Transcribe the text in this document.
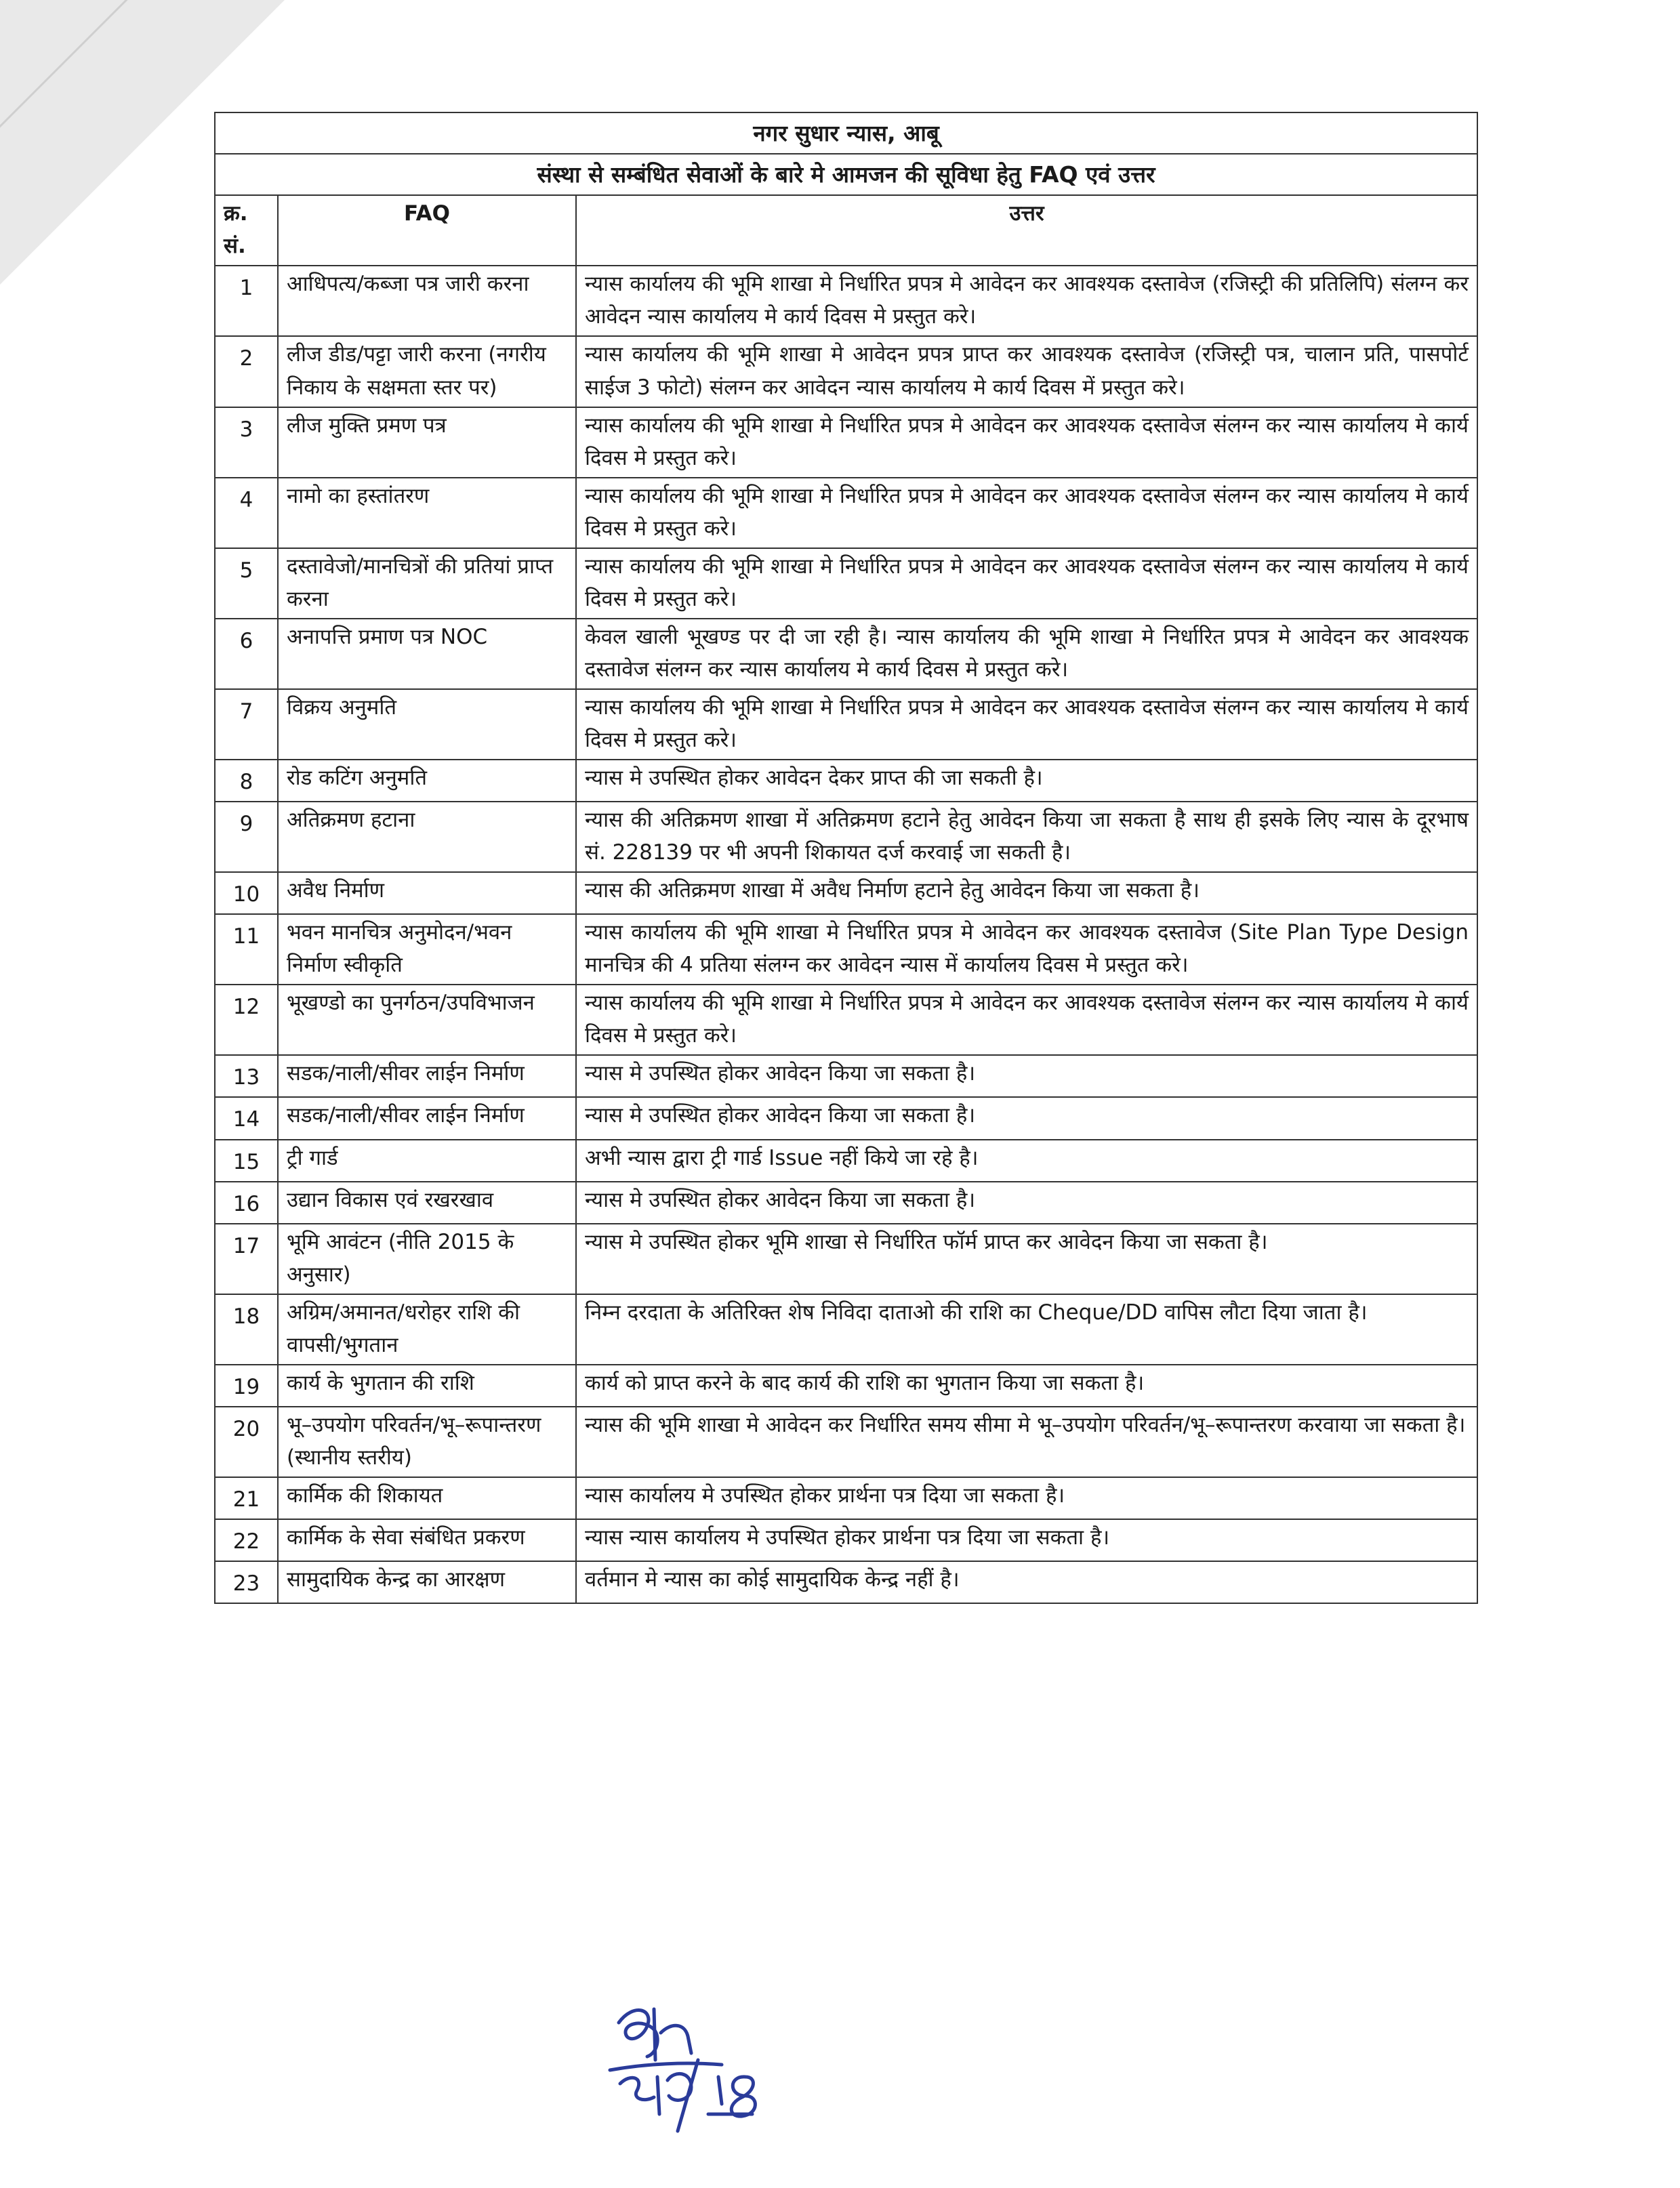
नगर सुधार न्यास, आबू		
संस्था से सम्बंधित सेवाओं के बारे मे आमजन की सूविधा हेतु FAQ एवं उत्तर		
क्र. सं.	FAQ	उत्तर
1	आधिपत्य/कब्जा पत्र जारी करना	न्यास कार्यालय की भूमि शाखा मे निर्धारित प्रपत्र मे आवेदन कर आवश्यक दस्तावेज (रजिस्ट्री की प्रतिलिपि) संलग्न कर आवेदन न्यास कार्यालय मे कार्य दिवस मे प्रस्तुत करे।
2	लीज डीड/पट्टा जारी करना (नगरीय निकाय के सक्षमता स्तर पर)	न्यास कार्यालय की भूमि शाखा मे आवेदन प्रपत्र प्राप्त कर आवश्यक दस्तावेज (रजिस्ट्री पत्र, चालान प्रति, पासपोर्ट साईज 3 फोटो) संलग्न कर आवेदन न्यास कार्यालय मे कार्य दिवस में प्रस्तुत करे।
3	लीज मुक्ति प्रमण पत्र	न्यास कार्यालय की भूमि शाखा मे निर्धारित प्रपत्र मे आवेदन कर आवश्यक दस्तावेज संलग्न कर न्यास कार्यालय मे कार्य दिवस मे प्रस्तुत करे।
4	नामो का हस्तांतरण	न्यास कार्यालय की भूमि शाखा मे निर्धारित प्रपत्र मे आवेदन कर आवश्यक दस्तावेज संलग्न कर न्यास कार्यालय मे कार्य दिवस मे प्रस्तुत करे।
5	दस्तावेजो/मानचित्रों की प्रतियां प्राप्त करना	न्यास कार्यालय की भूमि शाखा मे निर्धारित प्रपत्र मे आवेदन कर आवश्यक दस्तावेज संलग्न कर न्यास कार्यालय मे कार्य दिवस मे प्रस्तुत करे।
6	अनापत्ति प्रमाण पत्र NOC	केवल खाली भूखण्ड पर दी जा रही है। न्यास कार्यालय की भूमि शाखा मे निर्धारित प्रपत्र मे आवेदन कर आवश्यक दस्तावेज संलग्न कर न्यास कार्यालय मे कार्य दिवस मे प्रस्तुत करे।
7	विक्रय अनुमति	न्यास कार्यालय की भूमि शाखा मे निर्धारित प्रपत्र मे आवेदन कर आवश्यक दस्तावेज संलग्न कर न्यास कार्यालय मे कार्य दिवस मे प्रस्तुत करे।
8	रोड कटिंग अनुमति	न्यास मे उपस्थित होकर आवेदन देकर प्राप्त की जा सकती है।
9	अतिक्रमण हटाना	न्यास की अतिक्रमण शाखा में अतिक्रमण हटाने हेतु आवेदन किया जा सकता है साथ ही इसके लिए न्यास के दूरभाष सं. 228139 पर भी अपनी शिकायत दर्ज करवाई जा सकती है।
10	अवैध निर्माण	न्यास की अतिक्रमण शाखा में अवैध निर्माण हटाने हेतु आवेदन किया जा सकता है।
11	भवन मानचित्र अनुमोदन/भवन निर्माण स्वीकृति	न्यास कार्यालय की भूमि शाखा मे निर्धारित प्रपत्र मे आवेदन कर आवश्यक दस्तावेज (Site Plan Type Design मानचित्र की 4 प्रतिया संलग्न कर आवेदन न्यास में कार्यालय दिवस मे प्रस्तुत करे।
12	भूखण्डो का पुनर्गठन/उपविभाजन	न्यास कार्यालय की भूमि शाखा मे निर्धारित प्रपत्र मे आवेदन कर आवश्यक दस्तावेज संलग्न कर न्यास कार्यालय मे कार्य दिवस मे प्रस्तुत करे।
13	सडक/नाली/सीवर लाईन निर्माण	न्यास मे उपस्थित होकर आवेदन किया जा सकता है।
14	सडक/नाली/सीवर लाईन निर्माण	न्यास मे उपस्थित होकर आवेदन किया जा सकता है।
15	ट्री गार्ड	अभी न्यास द्वारा ट्री गार्ड Issue नहीं किये जा रहे है।
16	उद्यान विकास एवं रखरखाव	न्यास मे उपस्थित होकर आवेदन किया जा सकता है।
17	भूमि आवंटन (नीति 2015 के अनुसार)	न्यास मे उपस्थित होकर भूमि शाखा से निर्धारित फॉर्म प्राप्त कर आवेदन किया जा सकता है।
18	अग्रिम/अमानत/धरोहर राशि की वापसी/भुगतान	निम्न दरदाता के अतिरिक्त शेष निविदा दाताओ की राशि का Cheque/DD वापिस लौटा दिया जाता है।
19	कार्य के भुगतान की राशि	कार्य को प्राप्त करने के बाद कार्य की राशि का भुगतान किया जा सकता है।
20	भू–उपयोग परिवर्तन/भू–रूपान्तरण (स्थानीय स्तरीय)	न्यास की भूमि शाखा मे आवेदन कर निर्धारित समय सीमा मे भू–उपयोग परिवर्तन/भू–रूपान्तरण करवाया जा सकता है।
21	कार्मिक की शिकायत	न्यास कार्यालय मे उपस्थित होकर प्रार्थना पत्र दिया जा सकता है।
22	कार्मिक के सेवा संबंधित प्रकरण	न्यास न्यास कार्यालय मे उपस्थित होकर प्रार्थना पत्र दिया जा सकता है।
23	सामुदायिक केन्द्र का आरक्षण	वर्तमान मे न्यास का कोई सामुदायिक केन्द्र नहीं है।
